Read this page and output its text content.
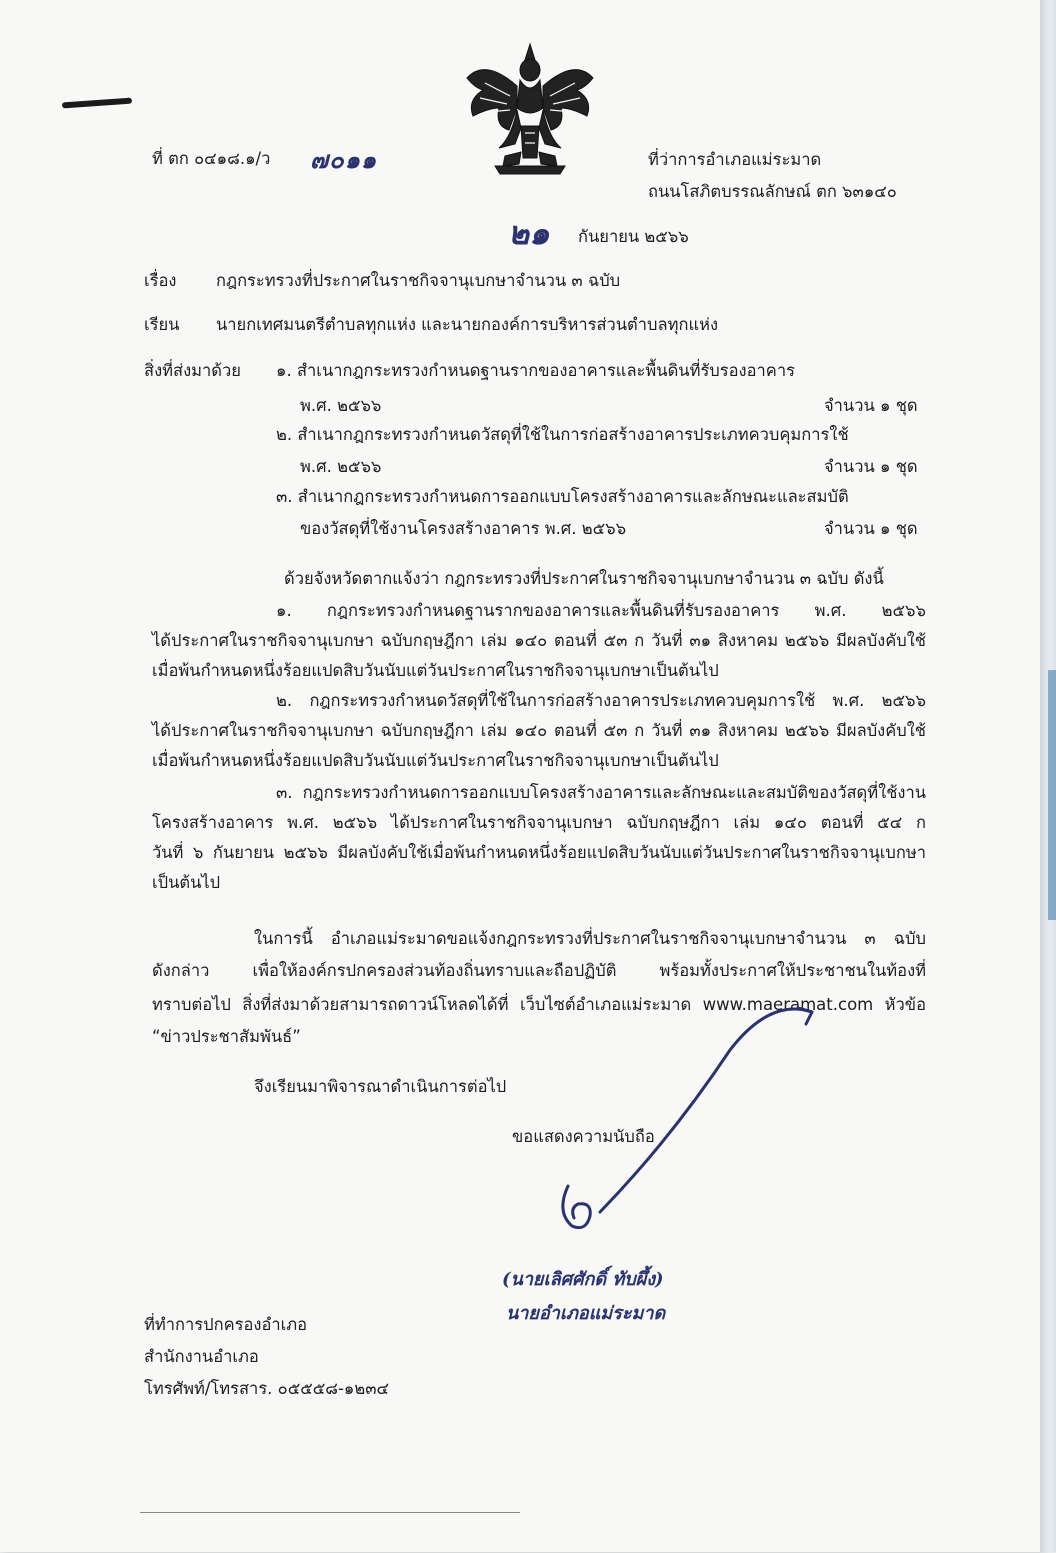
ที่ ตก ๐๔๑๘.๑/ว ๗๐๑๑	ที่ว่าการอำเภอแม่ระมาด
ถนนโสภิตบรรณลักษณ์ ตก ๖๓๑๔๐
๒๑ กันยายน ๒๕๖๖
เรื่อง กฎกระทรวงที่ประกาศในราชกิจจานุเบกษาจำนวน ๓ ฉบับ
เรียน นายกเทศมนตรีตำบลทุกแห่ง และนายกองค์การบริหารส่วนตำบลทุกแห่ง
สิ่งที่ส่งมาด้วย ๑. สำเนากฎกระทรวงกำหนดฐานรากของอาคารและพื้นดินที่รับรองอาคาร
พ.ศ. ๒๕๖๖	จำนวน ๑ ชุด
๒. สำเนากฎกระทรวงกำหนดวัสดุที่ใช้ในการก่อสร้างอาคารประเภทควบคุมการใช้
พ.ศ. ๒๕๖๖	จำนวน ๑ ชุด
๓. สำเนากฎกระทรวงกำหนดการออกแบบโครงสร้างอาคารและลักษณะและสมบัติ
ของวัสดุที่ใช้งานโครงสร้างอาคาร พ.ศ. ๒๕๖๖	จำนวน ๑ ชุด
ด้วยจังหวัดตากแจ้งว่า กฎกระทรวงที่ประกาศในราชกิจจานุเบกษาจำนวน ๓ ฉบับ ดังนี้
๑. กฎกระทรวงกำหนดฐานรากของอาคารและพื้นดินที่รับรองอาคาร พ.ศ. ๒๕๖๖
ได้ประกาศในราชกิจจานุเบกษา ฉบับกฤษฎีกา เล่ม ๑๔๐ ตอนที่ ๕๓ ก วันที่ ๓๑ สิงหาคม ๒๕๖๖ มีผลบังคับใช้
เมื่อพ้นกำหนดหนึ่งร้อยแปดสิบวันนับแต่วันประกาศในราชกิจจานุเบกษาเป็นต้นไป
๒. กฎกระทรวงกำหนดวัสดุที่ใช้ในการก่อสร้างอาคารประเภทควบคุมการใช้ พ.ศ. ๒๕๖๖
ได้ประกาศในราชกิจจานุเบกษา ฉบับกฤษฎีกา เล่ม ๑๔๐ ตอนที่ ๕๓ ก วันที่ ๓๑ สิงหาคม ๒๕๖๖ มีผลบังคับใช้
เมื่อพ้นกำหนดหนึ่งร้อยแปดสิบวันนับแต่วันประกาศในราชกิจจานุเบกษาเป็นต้นไป
๓. กฎกระทรวงกำหนดการออกแบบโครงสร้างอาคารและลักษณะและสมบัติของวัสดุที่ใช้งาน
โครงสร้างอาคาร พ.ศ. ๒๕๖๖ ได้ประกาศในราชกิจจานุเบกษา ฉบับกฤษฎีกา เล่ม ๑๔๐ ตอนที่ ๕๔ ก
วันที่ ๖ กันยายน ๒๕๖๖ มีผลบังคับใช้เมื่อพ้นกำหนดหนึ่งร้อยแปดสิบวันนับแต่วันประกาศในราชกิจจานุเบกษา
เป็นต้นไป
ในการนี้ อำเภอแม่ระมาดขอแจ้งกฎกระทรวงที่ประกาศในราชกิจจานุเบกษาจำนวน ๓ ฉบับ
ดังกล่าว เพื่อให้องค์กรปกครองส่วนท้องถิ่นทราบและถือปฏิบัติ พร้อมทั้งประกาศให้ประชาชนในท้องที่
ทราบต่อไป สิ่งที่ส่งมาด้วยสามารถดาวน์โหลดได้ที่ เว็บไซต์อำเภอแม่ระมาด www.maeramat.com หัวข้อ
“ข่าวประชาสัมพันธ์”
จึงเรียนมาพิจารณาดำเนินการต่อไป
ขอแสดงความนับถือ
(นายเลิศศักดิ์ ทับผึ้ง)
นายอำเภอแม่ระมาด
ที่ทำการปกครองอำเภอ
สำนักงานอำเภอ
โทรศัพท์/โทรสาร. ๐๕๕๕๘-๑๒๓๔
